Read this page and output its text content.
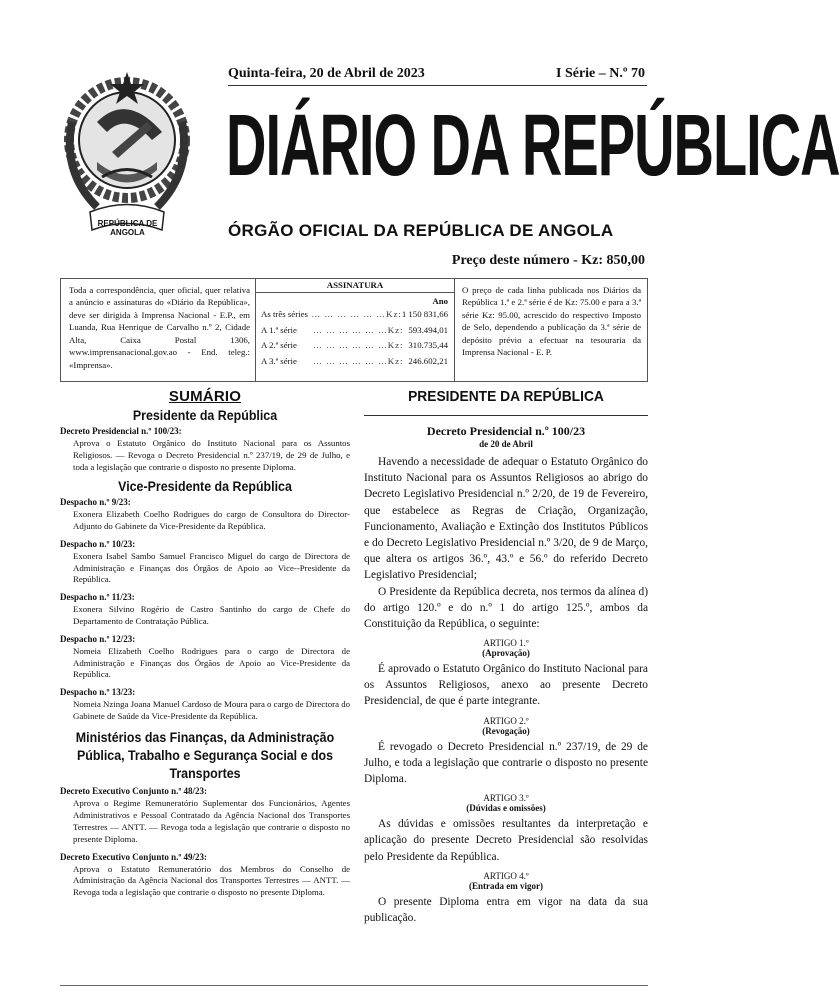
REPÚBLICA DE ANGOLA
Quinta-feira, 20 de Abril de 2023	I Série – N.º 70
DIÁRIO DA REPÚBLICA
ÓRGÃO OFICIAL DA REPÚBLICA DE ANGOLA
Preço deste número - Kz: 850,00
Toda a correspondência, quer oficial, quer relativa a anúncio e assinaturas do «Diário da República», deve ser dirigida à Imprensa Nacional - E.P., em Luanda, Rua Henrique de Carvalho n.º 2, Cidade Alta, Caixa Postal 1306, www.imprensanacional.gov.ao - End. teleg.: «Imprensa».
ASSINATURA
Ano
As três séries … … … … … …Kz: 1 150 831,66
A 1.ª série	… … … … … …Kz: 593.494,01
A 2.ª série	… … … … … …Kz: 310.735,44
A 3.ª série	… … … … … …Kz: 246.602,21
O preço de cada linha publicada nos Diários da República 1.ª e 2.ª série é de Kz: 75.00 e para a 3.ª série Kz: 95.00, acrescido do respectivo Imposto de Selo, dependendo a publicação da 3.ª série de depósito prévio a efectuar na tesouraria da Imprensa Nacional - E. P.
SUMÁRIO
Presidente da República
Decreto Presidencial n.º 100/23:
Aprova o Estatuto Orgânico do Instituto Nacional para os Assuntos Religiosos. — Revoga o Decreto Presidencial n.º 237/19, de 29 de Julho, e toda a legislação que contrarie o disposto no presente Diploma.
Vice-Presidente da República
Despacho n.º 9/23:
Exonera Elizabeth Coelho Rodrigues do cargo de Consultora do Director-Adjunto do Gabinete da Vice-Presidente da República.
Despacho n.º 10/23:
Exonera Isabel Sambo Samuel Francisco Miguel do cargo de Directora de Administração e Finanças dos Órgãos de Apoio ao Vice--Presidente da República.
Despacho n.º 11/23:
Exonera Silvino Rogério de Castro Santinho do cargo de Chefe do Departamento de Contratação Pública.
Despacho n.º 12/23:
Nomeia Elizabeth Coelho Rodrigues para o cargo de Directora de Administração e Finanças dos Órgãos de Apoio ao Vice-Presidente da República.
Despacho n.º 13/23:
Nomeia Nzinga Joana Manuel Cardoso de Moura para o cargo de Directora do Gabinete de Saúde da Vice-Presidente da República.
Ministérios das Finanças, da Administração Pública, Trabalho e Segurança Social e dos Transportes
Decreto Executivo Conjunto n.º 48/23:
Aprova o Regime Remuneratório Suplementar dos Funcionários, Agentes Administrativos e Pessoal Contratado da Agência Nacional dos Transportes Terrestres — ANTT. — Revoga toda a legislação que contrarie o disposto no presente Diploma.
Decreto Executivo Conjunto n.º 49/23:
Aprova o Estatuto Remuneratório dos Membros do Conselho de Administração da Agência Nacional dos Transportes Terrestres — ANTT. — Revoga toda a legislação que contrarie o disposto no presente Diploma.
PRESIDENTE DA REPÚBLICA
Decreto Presidencial n.º 100/23
de 20 de Abril

Havendo a necessidade de adequar o Estatuto Orgânico do Instituto Nacional para os Assuntos Religiosos ao abrigo do Decreto Legislativo Presidencial n.º 2/20, de 19 de Fevereiro, que estabelece as Regras de Criação, Organização, Funcionamento, Avaliação e Extinção dos Institutos Públicos e do Decreto Legislativo Presidencial n.º 3/20, de 9 de Março, que altera os artigos 36.º, 43.º e 56.º do referido Decreto Legislativo Presidencial;

O Presidente da República decreta, nos termos da alínea d) do artigo 120.º e do n.º 1 do artigo 125.º, ambos da Constituição da República, o seguinte:

ARTIGO 1.º
(Aprovação)

É aprovado o Estatuto Orgânico do Instituto Nacional para os Assuntos Religiosos, anexo ao presente Decreto Presidencial, de que é parte integrante.

ARTIGO 2.º
(Revogação)

É revogado o Decreto Presidencial n.º 237/19, de 29 de Julho, e toda a legislação que contrarie o disposto no presente Diploma.

ARTIGO 3.º
(Dúvidas e omissões)

As dúvidas e omissões resultantes da interpretação e aplicação do presente Decreto Presidencial são resolvidas pelo Presidente da República.

ARTIGO 4.º
(Entrada em vigor)

O presente Diploma entra em vigor na data da sua publicação.
